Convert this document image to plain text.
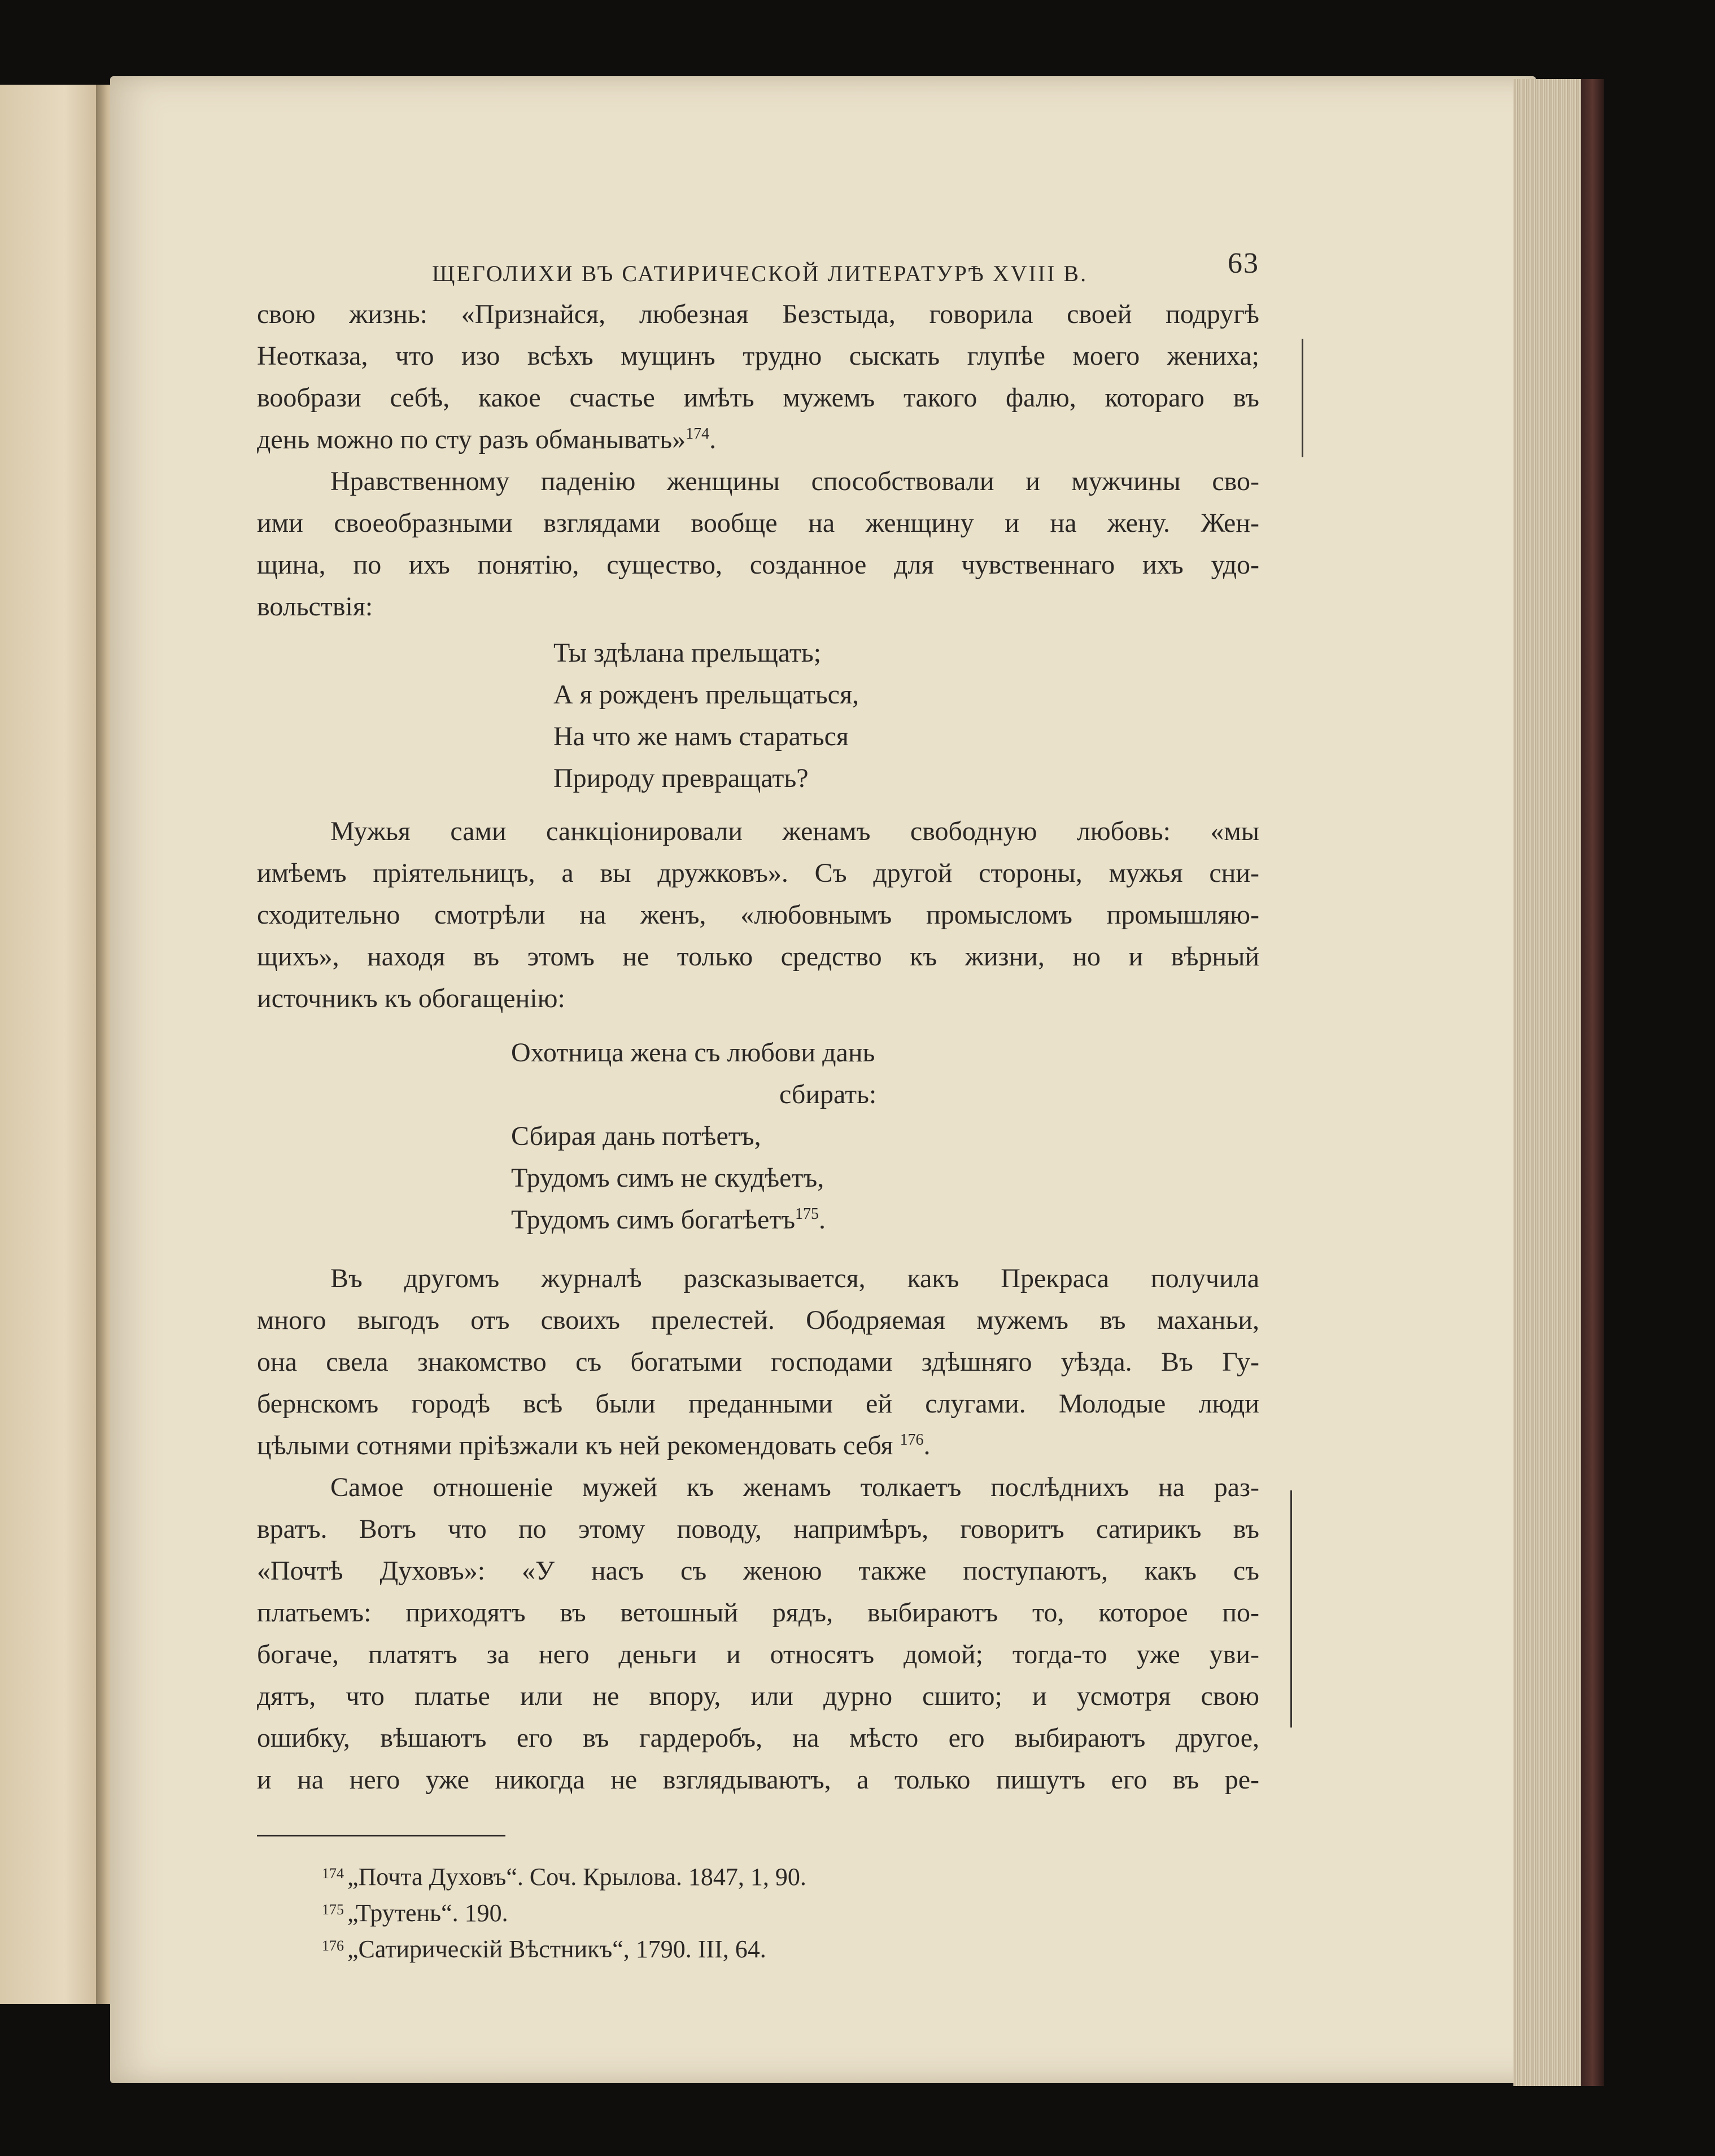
ЩЕГОЛИХИ ВЪ САТИРИЧЕСКОЙ ЛИТЕРАТУРѢ XVIII В.	63

свою жизнь: «Признайся, любезная Безстыда, говорила своей подругѣ

Неотказа, что изо всѣхъ мущинъ трудно сыскать глупѣе моего жениха;

вообрази себѣ, какое счастье имѣть мужемъ такого фалю, котораго въ

день можно по сту разъ обманывать»$^{174}$.

Нравственному паденію женщины способствовали и мужчины сво-

ими своеобразными взглядами вообще на женщину и на жену. Жен-

щина, по ихъ понятію, существо, созданное для чувственнаго ихъ удо-

вольствія:

Ты здѣлана прельщать;
А я рожденъ прельщаться,
На что же намъ стараться
Природу превращать?

Мужья сами санкціонировали женамъ свободную любовь: «мы

имѣемъ пріятельницъ, а вы дружковъ». Съ другой стороны, мужья сни-

сходительно смотрѣли на женъ, «любовнымъ промысломъ промышляю-

щихъ», находя въ этомъ не только средство къ жизни, но и вѣрный

источникъ къ обогащенію:

Охотница жена съ любови дань
сбирать:
Сбирая дань потѣетъ,
Трудомъ симъ не скудѣетъ,
Трудомъ симъ богатѣетъ$^{175}$.

Въ другомъ журналѣ разсказывается, какъ Прекраса получила

много выгодъ отъ своихъ прелестей. Ободряемая мужемъ въ маханьи,

она свела знакомство съ богатыми господами здѣшняго уѣзда. Въ Гу-

бернскомъ городѣ всѣ были преданными ей слугами. Молодые люди

цѣлыми сотнями пріѣзжали къ ней рекомендовать себя $^{176}$.

Самое отношеніе мужей къ женамъ толкаетъ послѣднихъ на раз-

вратъ. Вотъ что по этому поводу, напримѣръ, говоритъ сатирикъ въ

«Почтѣ Духовъ»: «У насъ съ женою также поступаютъ, какъ съ

платьемъ: приходятъ въ ветошный рядъ, выбираютъ то, которое по-

богаче, платятъ за него деньги и относятъ домой; тогда-то уже уви-

дятъ, что платье или не впору, или дурно сшито; и усмотря свою

ошибку, вѣшаютъ его въ гардеробъ, на мѣсто его выбираютъ другое,

и на него уже никогда не взглядываютъ, а только пишутъ его въ ре-

174 „Почта Духовъ“. Соч. Крылова. 1847, 1, 90.
175 „Трутень“. 190.
176 „Сатирическій Вѣстникъ“, 1790. III, 64.
